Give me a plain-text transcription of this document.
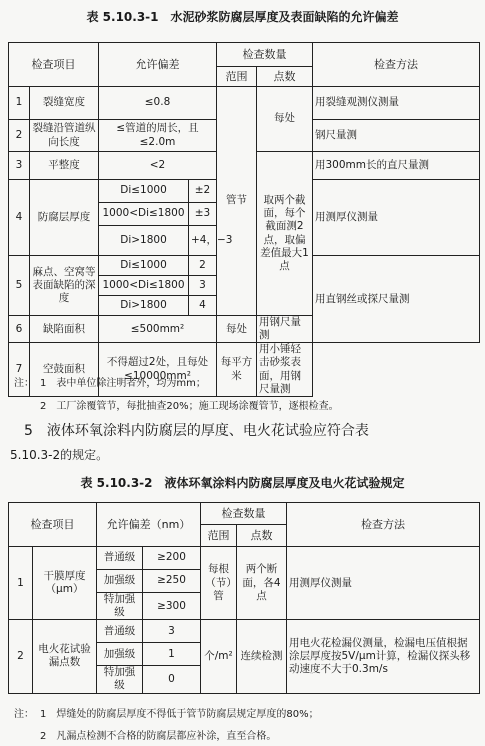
表 5.10.3-1　水泥砂浆防腐层厚度及表面缺陷的允许偏差
检查项目		允许偏差		检查数量		检查方法
				范围	点数	
1	裂缝宽度	≤0.8		管节	每处	用裂缝观测仪测量
2	裂缝沿管道纵向长度	≤管道的周长，且≤2.0m				钢尺量测
3	平整度	<2			取两个截面，每个截面测2点，取偏差值最大1点	用300mm长的直尺量测
4	防腐层厚度	Di≤1000	±2			用测厚仪测量
		1000<Di≤1800	±3			
		Di>1800	+4，−3			
5	麻点、空窝等表面缺陷的深度	Di≤1000	2			用直钢丝或探尺量测
		1000<Di≤1800	3			
		Di>1800	4			
6	缺陷面积	≤500mm²		每处	用钢尺量测	
7	空鼓面积	不得超过2处，且每处≤10000mm²		每平方米	用小锤轻击砂浆表面，用钢尺量测	
注： 1　表中单位除注明者外，均为mm；
2　工厂涂覆管节，每批抽查20%；施工现场涂覆管节，逐根检查。
5　液体环氧涂料内防腐层的厚度、电火花试验应符合表
5.10.3-2的规定。
表 5.10.3-2　液体环氧涂料内防腐层厚度及电火花试验规定
检查项目		允许偏差（nm）		检查数量		检查方法
				范围	点数	
1	干膜厚度（μm）	普通级	≥200	每根（节）管	两个断面，各4点	用测厚仪测量
		加强级	≥250			
		特加强级	≥300			
2	电火花试验漏点数	普通级	3	个/m²	连续检测	用电火花检漏仪测量，检漏电压值根据涂层厚度按5V/μm计算，检漏仪探头移动速度不大于0.3m/s
		加强级	1			
		特加强级	0			
注： 1　焊缝处的防腐层厚度不得低于管节防腐层规定厚度的80%；
2　凡漏点检测不合格的防腐层都应补涂，直至合格。
